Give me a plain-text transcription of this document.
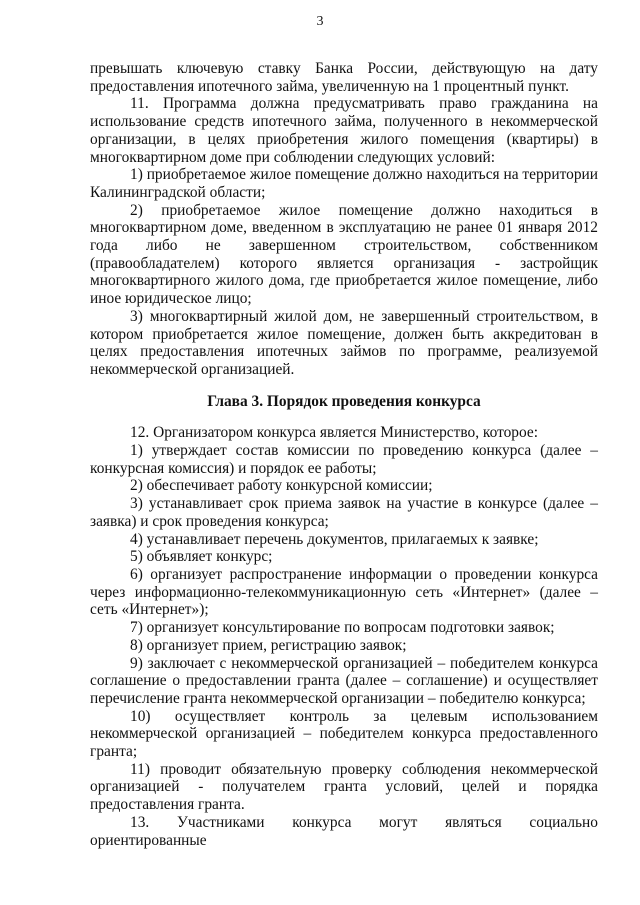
3

превышать ключевую ставку Банка России, действующую на дату предоставления ипотечного займа, увеличенную на 1 процентный пункт.

11. Программа должна предусматривать право гражданина на использование средств ипотечного займа, полученного в некоммерческой организации, в целях приобретения жилого помещения (квартиры) в многоквартирном доме при соблюдении следующих условий:

1) приобретаемое жилое помещение должно находиться на территории Калининградской области;

2) приобретаемое жилое помещение должно находиться в многоквартирном доме, введенном в эксплуатацию не ранее 01 января 2012 года либо не завершенном строительством, собственником (правообладателем) которого является организация - застройщик многоквартирного жилого дома, где приобретается жилое помещение, либо иное юридическое лицо;

3) многоквартирный жилой дом, не завершенный строительством, в котором приобретается жилое помещение, должен быть аккредитован в целях предоставления ипотечных займов по программе, реализуемой некоммерческой организацией.

Глава 3. Порядок проведения конкурса

12. Организатором конкурса является Министерство, которое:

1) утверждает состав комиссии по проведению конкурса (далее – конкурсная комиссия) и порядок ее работы;

2) обеспечивает работу конкурсной комиссии;

3) устанавливает срок приема заявок на участие в конкурсе (далее – заявка) и срок проведения конкурса;

4) устанавливает перечень документов, прилагаемых к заявке;

5) объявляет конкурс;

6) организует распространение информации о проведении конкурса через информационно-телекоммуникационную сеть «Интернет» (далее – сеть «Интернет»);

7) организует консультирование по вопросам подготовки заявок;

8) организует прием, регистрацию заявок;

9) заключает с некоммерческой организацией – победителем конкурса соглашение о предоставлении гранта (далее – соглашение) и осуществляет перечисление гранта некоммерческой организации – победителю конкурса;

10) осуществляет контроль за целевым использованием некоммерческой организацией – победителем конкурса предоставленного гранта;

11) проводит обязательную проверку соблюдения некоммерческой организацией - получателем гранта условий, целей и порядка предоставления гранта.

13. Участниками конкурса могут являться социально ориентированные
